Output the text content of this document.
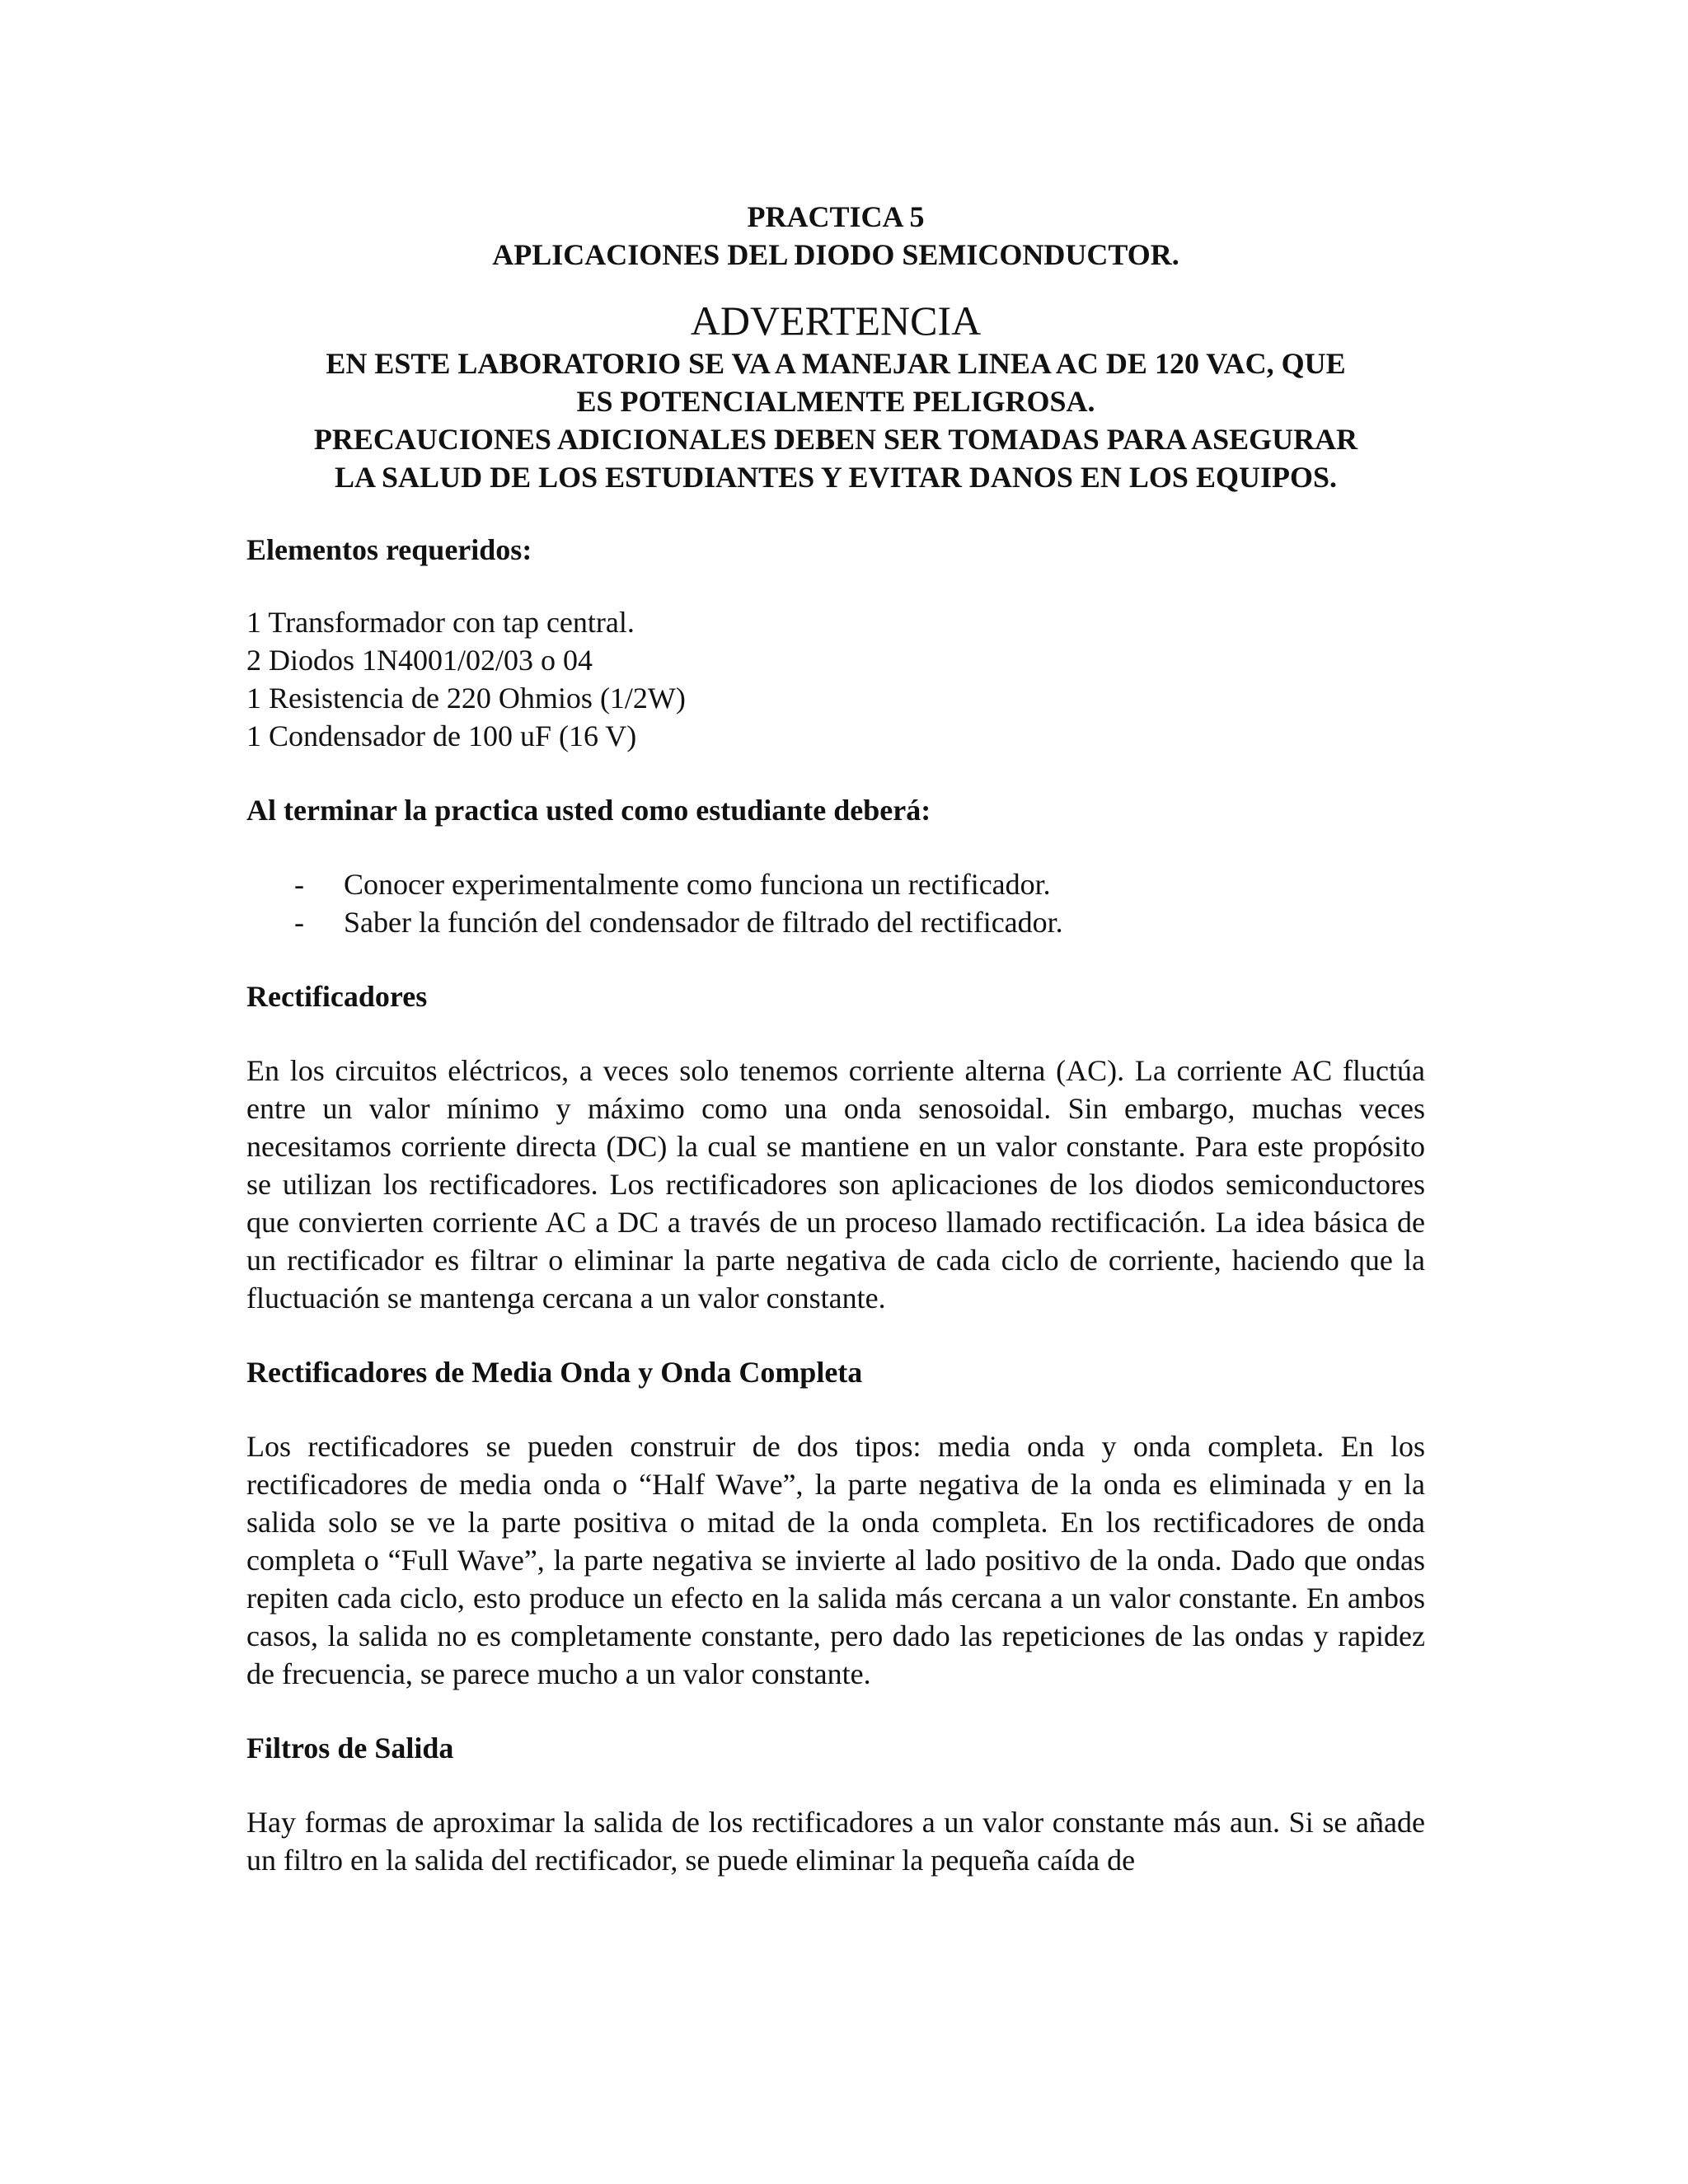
PRACTICA 5
APLICACIONES DEL DIODO SEMICONDUCTOR.
ADVERTENCIA
EN ESTE LABORATORIO SE VA A MANEJAR LINEA AC DE 120 VAC, QUE
ES POTENCIALMENTE PELIGROSA.
PRECAUCIONES ADICIONALES DEBEN SER TOMADAS PARA ASEGURAR
LA SALUD DE LOS ESTUDIANTES Y EVITAR DANOS EN LOS EQUIPOS.
Elementos requeridos:
1 Transformador con tap central.
2 Diodos 1N4001/02/03 o 04
1 Resistencia de 220 Ohmios (1/2W)
1 Condensador de 100 uF (16 V)
Al terminar la practica usted como estudiante deberá:
-	Conocer experimentalmente como funciona un rectificador.
-	Saber la función del condensador de filtrado del rectificador.
Rectificadores
En los circuitos eléctricos, a veces solo tenemos corriente alterna (AC). La corriente AC fluctúa entre un valor mínimo y máximo como una onda senosoidal. Sin embargo, muchas veces necesitamos corriente directa (DC) la cual se mantiene en un valor constante. Para este propósito se utilizan los rectificadores. Los rectificadores son aplicaciones de los diodos semiconductores que convierten corriente AC a DC a través de un proceso llamado rectificación. La idea básica de un rectificador es filtrar o eliminar la parte negativa de cada ciclo de corriente, haciendo que la fluctuación se mantenga cercana a un valor constante.
Rectificadores de Media Onda y Onda Completa
Los rectificadores se pueden construir de dos tipos: media onda y onda completa. En los rectificadores de media onda o “Half Wave”, la parte negativa de la onda es eliminada y en la salida solo se ve la parte positiva o mitad de la onda completa. En los rectificadores de onda completa o “Full Wave”, la parte negativa se invierte al lado positivo de la onda. Dado que ondas repiten cada ciclo, esto produce un efecto en la salida más cercana a un valor constante. En ambos casos, la salida no es completamente constante, pero dado las repeticiones de las ondas y rapidez de frecuencia, se parece mucho a un valor constante.
Filtros de Salida
Hay formas de aproximar la salida de los rectificadores a un valor constante más aun. Si se añade un filtro en la salida del rectificador, se puede eliminar la pequeña caída de
